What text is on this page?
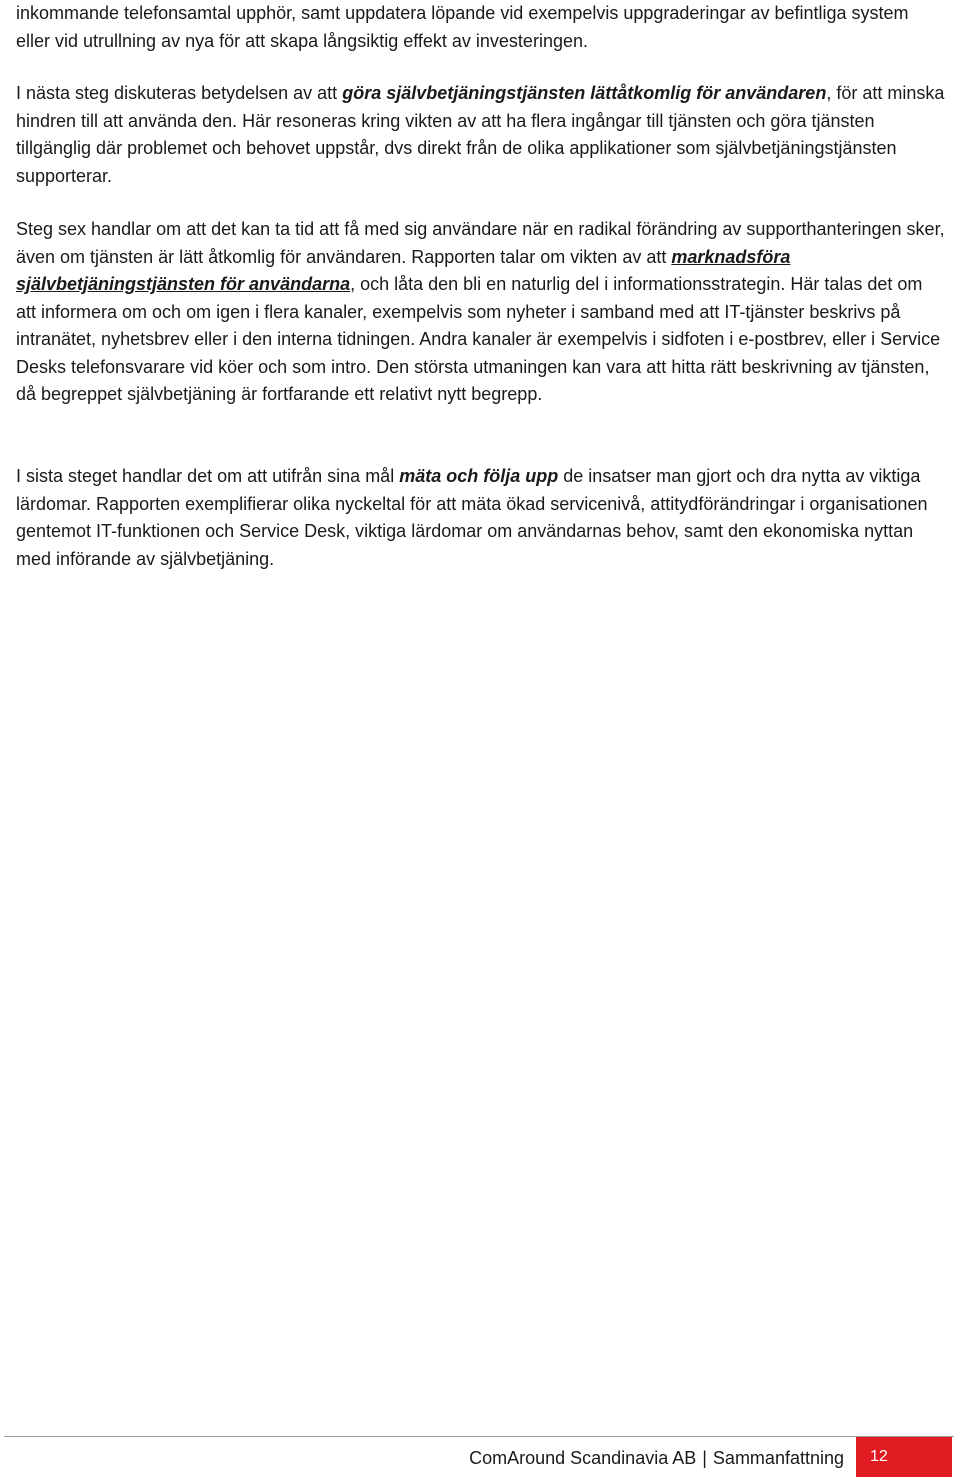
inkommande telefonsamtal upphör, samt uppdatera löpande vid exempelvis uppgraderingar av befintliga system eller vid utrullning av nya för att skapa långsiktig effekt av investeringen.

I nästa steg diskuteras betydelsen av att göra självbetjäningstjänsten lättåtkomlig för användaren, för att minska hindren till att använda den. Här resoneras kring vikten av att ha flera ingångar till tjänsten och göra tjänsten tillgänglig där problemet och behovet uppstår, dvs direkt från de olika applikationer som självbetjäningstjänsten supporterar.

Steg sex handlar om att det kan ta tid att få med sig användare när en radikal förändring av supporthanteringen sker, även om tjänsten är lätt åtkomlig för användaren. Rapporten talar om vikten av att marknadsföra självbetjäningstjänsten för användarna, och låta den bli en naturlig del i informationsstrategin. Här talas det om att informera om och om igen i flera kanaler, exempelvis som nyheter i samband med att IT-tjänster beskrivs på intranätet, nyhetsbrev eller i den interna tidningen. Andra kanaler är exempelvis i sidfoten i e-postbrev, eller i Service Desks telefonsvarare vid köer och som intro. Den största utmaningen kan vara att hitta rätt beskrivning av tjänsten, då begreppet självbetjäning är fortfarande ett relativt nytt begrepp.

I sista steget handlar det om att utifrån sina mål mäta och följa upp de insatser man gjort och dra nytta av viktiga lärdomar. Rapporten exemplifierar olika nyckeltal för att mäta ökad servicenivå, attitydförändringar i organisationen gentemot IT-funktionen och Service Desk, viktiga lärdomar om användarnas behov, samt den ekonomiska nyttan med införande av självbetjäning.

ComAround Scandinavia AB | Sammanfattning 12
